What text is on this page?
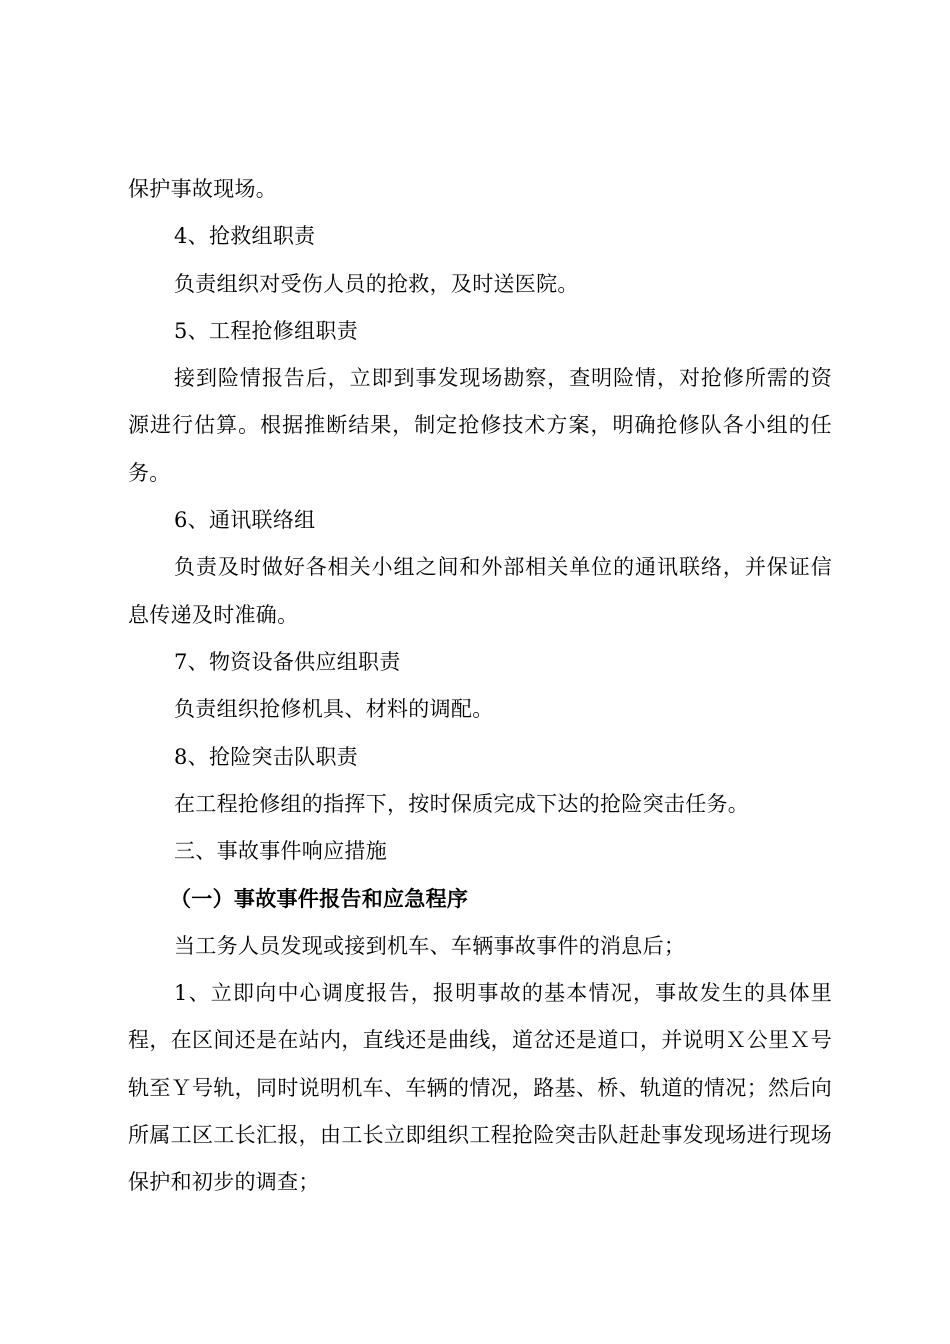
保护事故现场。

4、抢救组职责

负责组织对受伤人员的抢救，及时送医院。

5、工程抢修组职责

接到险情报告后，立即到事发现场勘察，查明险情，对抢修所需的资源进行估算。根据推断结果，制定抢修技术方案，明确抢修队各小组的任务。

6、通讯联络组

负责及时做好各相关小组之间和外部相关单位的通讯联络，并保证信息传递及时准确。

7、物资设备供应组职责

负责组织抢修机具、材料的调配。

8、抢险突击队职责

在工程抢修组的指挥下，按时保质完成下达的抢险突击任务。

三、事故事件响应措施

（一）事故事件报告和应急程序

当工务人员发现或接到机车、车辆事故事件的消息后；

1、立即向中心调度报告，报明事故的基本情况，事故发生的具体里程，在区间还是在站内，直线还是曲线，道岔还是道口，并说明Ｘ公里Ｘ号轨至Ｙ号轨，同时说明机车、车辆的情况，路基、桥、轨道的情况；然后向所属工区工长汇报，由工长立即组织工程抢险突击队赶赴事发现场进行现场保护和初步的调查；
